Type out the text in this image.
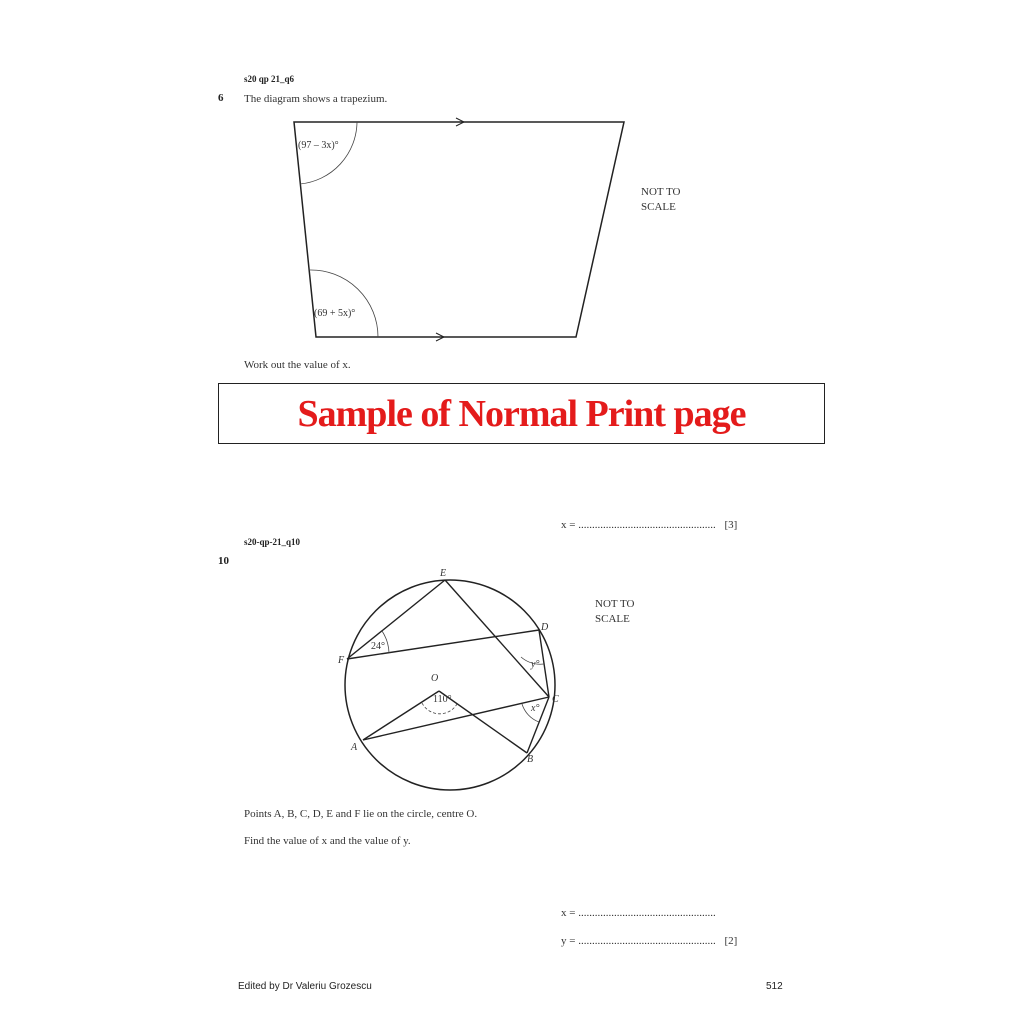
s20 qp 21_q6
6 The diagram shows a trapezium.
(97 – 3x)°
(69 + 5x)°
NOT TO
SCALE
Work out the value of x.
Sample of Normal Print page
x = .................................................. [3]
s20-qp-21_q10
10
24°
110°
y°
x°
E
D
F
O
C
A
B
NOT TO
SCALE
Points A, B, C, D, E and F lie on the circle, centre O.
Find the value of x and the value of y.
x = ..................................................
y = .................................................. [2]
Edited by Dr Valeriu Grozescu	512
